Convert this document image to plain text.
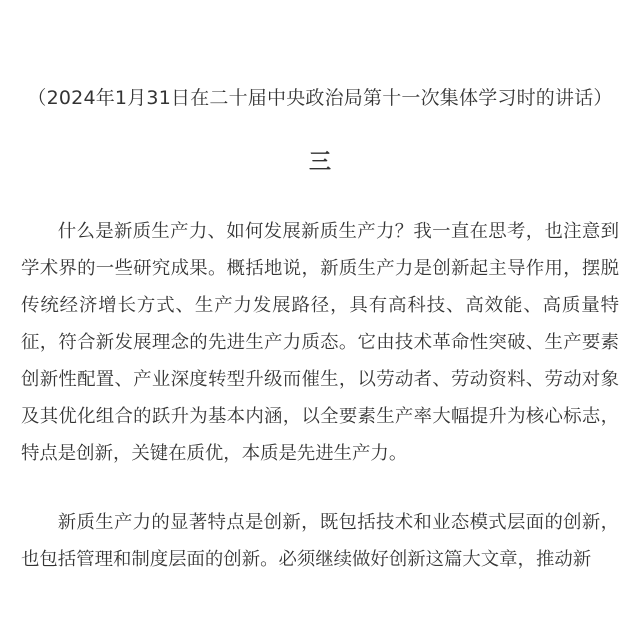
（2024年1月31日在二十届中央政治局第十一次集体学习时的讲话）
三

什么是新质生产力、如何发展新质生产力？我一直在思考，也注意到学术界的一些研究成果。概括地说，新质生产力是创新起主导作用，摆脱传统经济增长方式、生产力发展路径，具有高科技、高效能、高质量特征，符合新发展理念的先进生产力质态。它由技术革命性突破、生产要素创新性配置、产业深度转型升级而催生，以劳动者、劳动资料、劳动对象及其优化组合的跃升为基本内涵，以全要素生产率大幅提升为核心标志，特点是创新，关键在质优，本质是先进生产力。

新质生产力的显著特点是创新，既包括技术和业态模式层面的创新，也包括管理和制度层面的创新。必须继续做好创新这篇大文章，推动新
